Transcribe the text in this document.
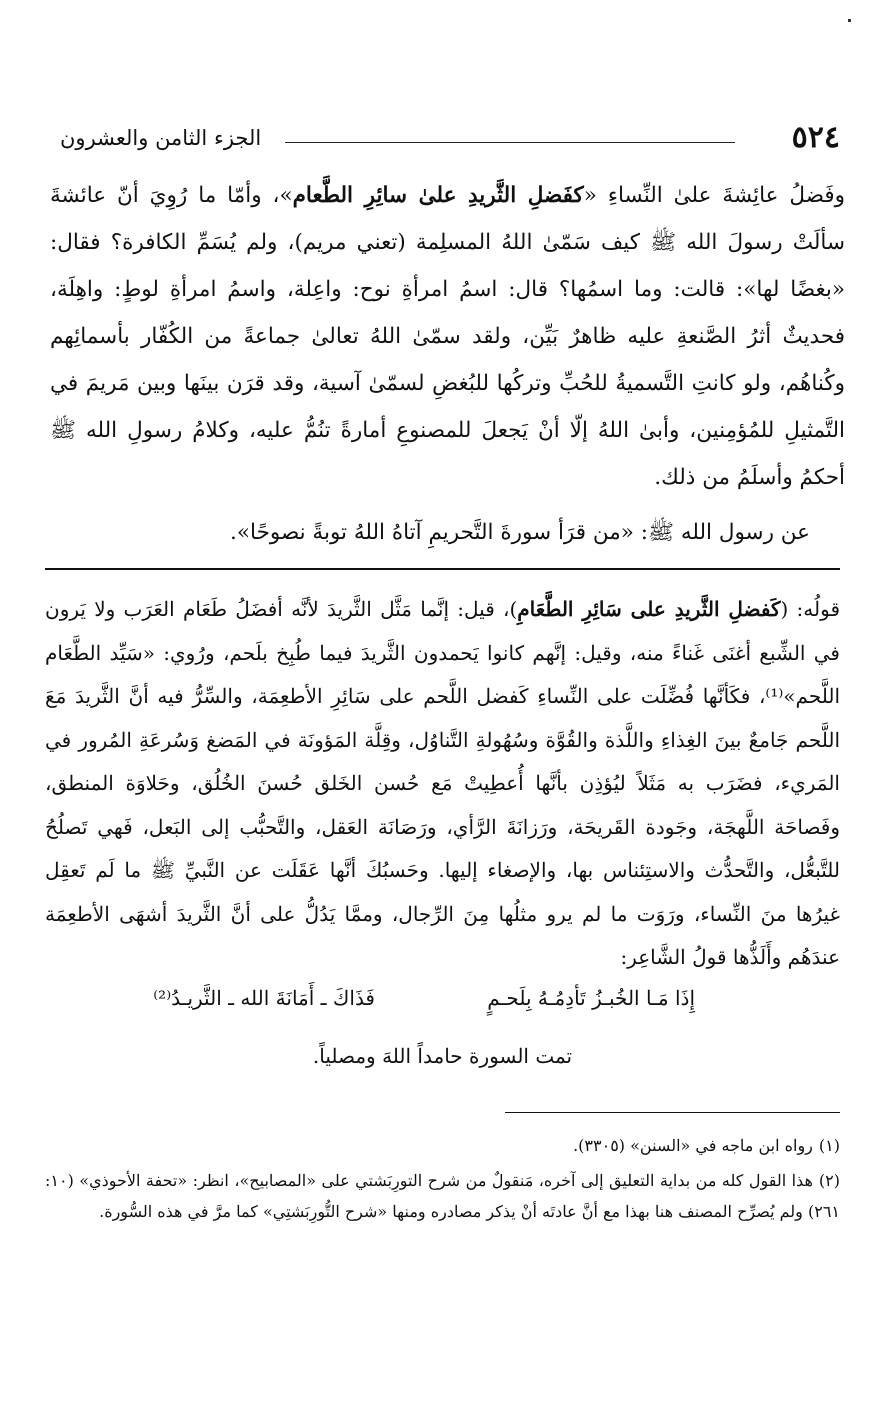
٥٢٤
الجزء الثامن والعشرون

وفَضلُ عائِشةَ علىٰ النِّساءِ «كفَضلِ الثَّريدِ علىٰ سائِرِ الطَّعام»، وأمّا ما رُوِيَ أنّ عائشةَ سألَتْ رسولَ الله ﷺ كيف سَمّىٰ اللهُ المسلِمة (تعني مريم)، ولم يُسَمِّ الكافرة؟ فقال: «بغضًا لها»: قالت: وما اسمُها؟ قال: اسمُ امرأةِ نوح: واعِلة، واسمُ امرأةِ لوطٍ: واهِلَة، فحديثٌ أثرُ الصَّنعةِ عليه ظاهرٌ بَيِّن، ولقد سمّىٰ اللهُ تعالىٰ جماعةً من الكُفّار بأسمائِهم وكُناهُم، ولو كانتِ التَّسميةُ للحُبِّ وتركُها للبُغضِ لسمّىٰ آسية، وقد قرَن بينَها وبين مَريمَ في التَّمثيلِ للمُؤمِنين، وأبىٰ اللهُ إلّا أنْ يَجعلَ للمصنوعِ أمارةً تنُمُّ عليه، وكلامُ رسولِ الله ﷺ أحكمُ وأسلَمُ من ذلك.

عن رسول الله ﷺ: «من قرَأ سورةَ التَّحريمِ آتاهُ اللهُ توبةً نصوحًا».

قولُه: (كَفضلِ الثَّريدِ على سَائِرِ الطَّعَامِ)، قيل: إنَّما مَثَّل الثَّريدَ لأنَّه أفضَلُ طَعَام العَرَب ولا يَرون في الشِّبع أغنَى غَناءً منه، وقيل: إنَّهم كانوا يَحمدون الثَّريدَ فيما طُبِخ بلَحم، ورُوي: «سَيِّد الطَّعَام اللَّحم»⁽¹⁾، فكَأنَّها فُضِّلَت على النِّساءِ كَفضل اللَّحم على سَائِرِ الأطعِمَة، والسِّرُّ فيه أنَّ الثَّريدَ مَعَ اللَّحم جَامعٌ بينَ الغِذاءِ واللَّذة والقُوَّة وسُهُولةِ التَّناوُل، وقِلَّة المَؤونَة في المَضغ وَسُرعَةِ المُرور في المَري‌ء، فضَرَب به مَثَلاً ليُؤذِن بأنَّها أُعطِيتْ مَع حُسن الخَلق حُسنَ الخُلُق، وحَلاوَة المنطق، وفَصاحَة اللَّهجَة، وجَودة القَريحَة، ورَزانَةَ الرَّأي، ورَصَانَة العَقل، والتَّحبُّب إلى البَعل، فَهي تَصلُحُ للتَّبعُّل، والتَّحدُّث والاستِئناس بها، والإصغاء إليها. وحَسبُكَ أنَّها عَقَلَت عن النَّبيِّ ﷺ ما لَم تَعقِل غيرُها منَ النِّساء، ورَوَت ما لم يرو مثلُها مِنَ الرِّجال، وممَّا يَدُلُّ على أنَّ الثَّريدَ أشهَى الأطعِمَة عندَهُم وأَلَذُّها قولُ الشَّاعِر:

إِذَا مَـا الخُبـزُ تَأدِمُـهُ بِلَحـمٍ
فَذَاكَ ـ أَمَانَةَ الله ـ الثَّريـدُ⁽²⁾
تمت السورة حامداً اللهَ ومصلياً.

(١)رواه ابن ماجه في «السنن» (٣٣٠٥).

(٢)هذا القول كله من بداية التعليق إلى آخره، مَنقولٌ من شرح التورِبَشتي على «المصابيح»، انظر: «تحفة الأحوذي» (١٠: ٢٦١) ولم يُصرِّح المصنف هنا بهذا مع أنَّ عادتَه أنْ يذكر مصادره ومنها «شرح التُّورِبَشتِي» كما مرَّ في هذه السُّورة.
